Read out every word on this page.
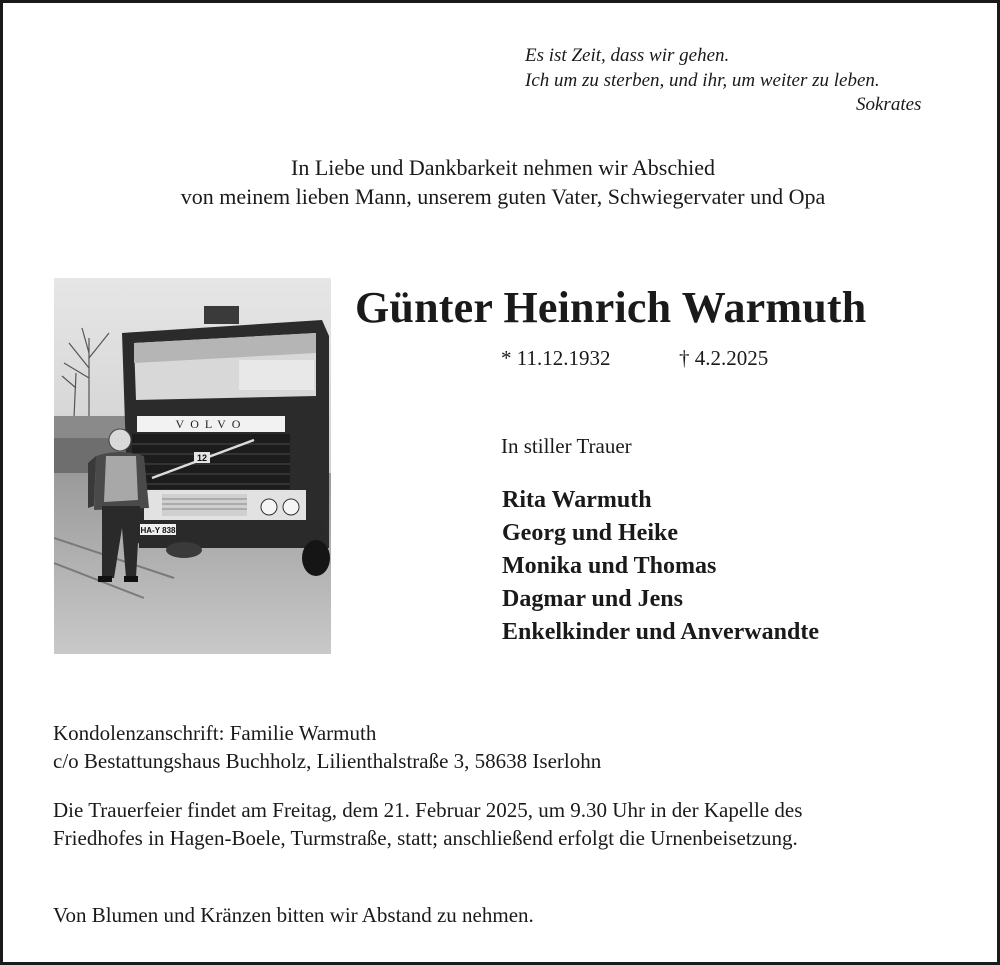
Es ist Zeit, dass wir gehen.
Ich um zu sterben, und ihr, um weiter zu leben.
Sokrates
In Liebe und Dankbarkeit nehmen wir Abschied
von meinem lieben Mann, unserem guten Vater, Schwiegervater und Opa
VOLVO
12
HA-Y 838
Günter Heinrich Warmuth
* 11.12.1932	† 4.2.2025
In stiller Trauer
Rita Warmuth
Georg und Heike
Monika und Thomas
Dagmar und Jens
Enkelkinder und Anverwandte
Kondolenzanschrift: Familie Warmuth
c/o Bestattungshaus Buchholz, Lilienthalstraße 3, 58638 Iserlohn
Die Trauerfeier findet am Freitag, dem 21. Februar 2025, um 9.30 Uhr in der Kapelle des
Friedhofes in Hagen-Boele, Turmstraße, statt; anschließend erfolgt die Urnenbeisetzung.
Von Blumen und Kränzen bitten wir Abstand zu nehmen.
